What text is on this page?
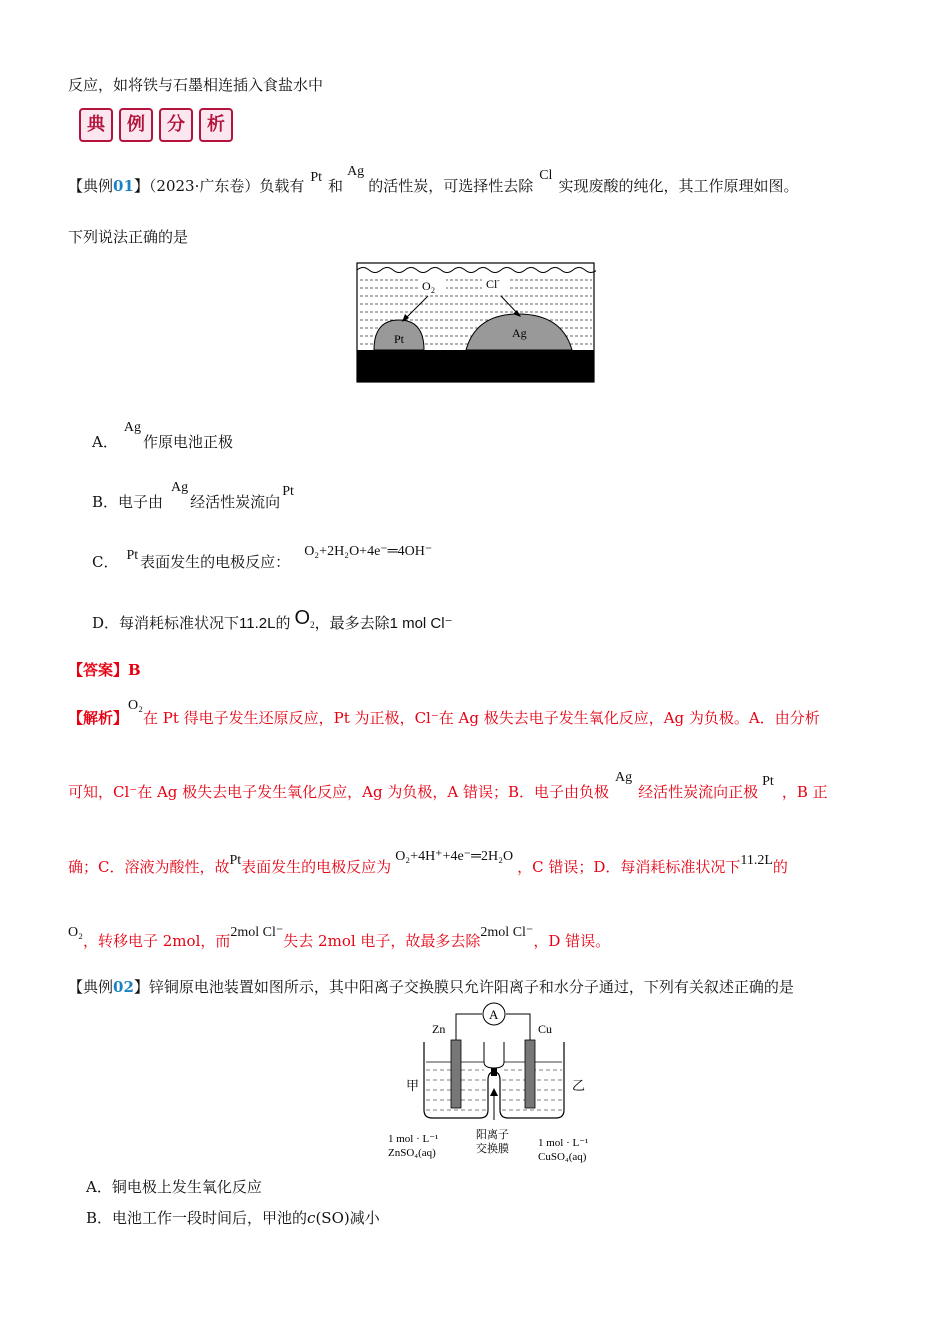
反应，如将铁与石墨相连插入食盐水中
典	例	分	析
【典例01】（2023·广东卷）负载有 Pt 和Ag的活性炭，可选择性去除Cl实现废酸的纯化，其工作原理如图。
下列说法正确的是
O 2	Cl -
Pt	Ag
A．Ag作原电池正极
B．电子由Ag经活性炭流向Pt
C． Pt 表面发生的电极反应：O₂+2H₂O+4e⁻═4OH⁻
D．每消耗标准状况下11.2L的 O2，最多去除1 mol Cl⁻
【答案】B
【解析】O₂在 Pt 得电子发生还原反应，Pt 为正极，Cl⁻在 Ag 极失去电子发生氧化反应，Ag 为负极。A．由分析
可知，Cl⁻在 Ag 极失去电子发生氧化反应，Ag 为负极，A 错误；B．电子由负极Ag经活性炭流向正极Pt，B 正
确；C．溶液为酸性，故Pt表面发生的电极反应为O₂+4H⁺+4e⁻═2H₂O，C 错误；D．每消耗标准状况下11.2L的
O₂，转移电子 2mol，而2mol Cl⁻失去 2mol 电子，故最多去除2mol Cl⁻，D 错误。
【典例02】锌铜原电池装置如图所示，其中阳离子交换膜只允许阳离子和水分子通过，下列有关叙述正确的是
A
Zn	Cu
甲	乙
1 mol · L⁻¹
ZnSO₄(aq)
阳离子
交换膜	1 mol · L⁻¹
CuSO₄(aq)
A．铜电极上发生氧化反应
B．电池工作一段时间后，甲池的c(SO)减小
